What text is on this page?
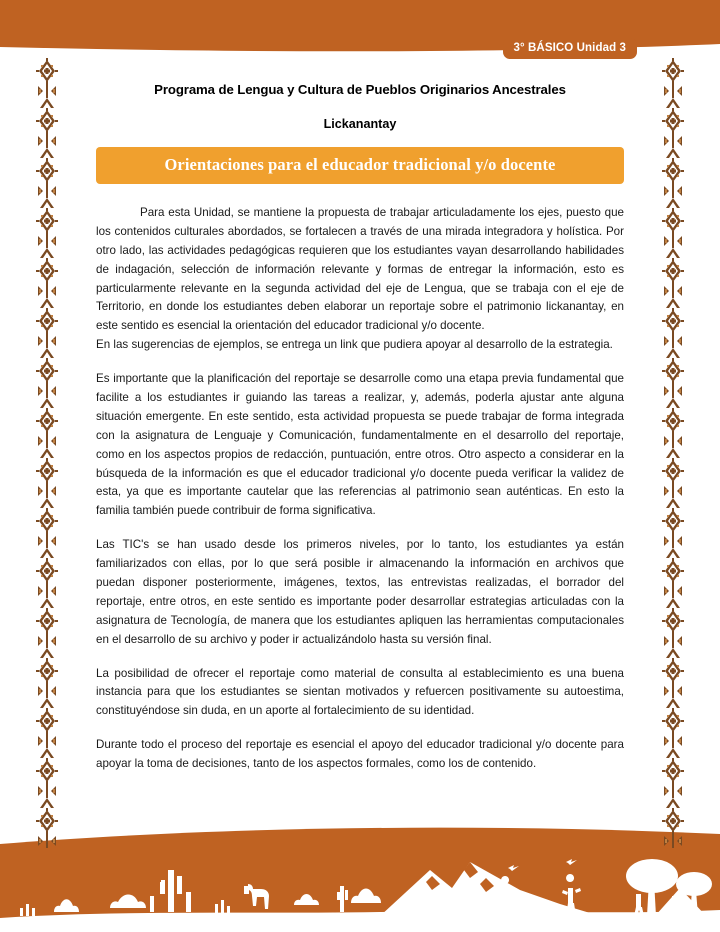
3° BÁSICO Unidad 3
Programa de Lengua y Cultura de Pueblos Originarios Ancestrales
Lickanantay
Orientaciones para el educador tradicional y/o docente

Para esta Unidad, se mantiene la propuesta de trabajar articuladamente los ejes, puesto que los contenidos culturales abordados, se fortalecen a través de una mirada integradora y holística. Por otro lado, las actividades pedagógicas requieren que los estudiantes vayan desarrollando habilidades de indagación, selección de información relevante y formas de entregar la información, esto es particularmente relevante en la segunda actividad del eje de Lengua, que se trabaja con el eje de Territorio, en donde los estudiantes deben elaborar un reportaje sobre el patrimonio lickanantay, en este sentido es esencial la orientación del educador tradicional y/o docente.

En las sugerencias de ejemplos, se entrega un link que pudiera apoyar al desarrollo de la estrategia.

Es importante que la planificación del reportaje se desarrolle como una etapa previa fundamental que facilite a los estudiantes ir guiando las tareas a realizar, y, además, poderla ajustar ante alguna situación emergente. En este sentido, esta actividad propuesta se puede trabajar de forma integrada con la asignatura de Lenguaje y Comunicación, fundamentalmente en el desarrollo del reportaje, como en los aspectos propios de redacción, puntuación, entre otros. Otro aspecto a considerar en la búsqueda de la información es que el educador tradicional y/o docente pueda verificar la validez de esta, ya que es importante cautelar que las referencias al patrimonio sean auténticas. En esto la familia también puede contribuir de forma significativa.

Las TIC's se han usado desde los primeros niveles, por lo tanto, los estudiantes ya están familiarizados con ellas, por lo que será posible ir almacenando la información en archivos que puedan disponer posteriormente, imágenes, textos, las entrevistas realizadas, el borrador del reportaje, entre otros, en este sentido es importante poder desarrollar estrategias articuladas con la asignatura de Tecnología, de manera que los estudiantes apliquen las herramientas computacionales en el desarrollo de su archivo y poder ir actualizándolo hasta su versión final.

La posibilidad de ofrecer el reportaje como material de consulta al establecimiento es una buena instancia para que los estudiantes se sientan motivados y refuercen positivamente su autoestima, constituyéndose sin duda, en un aporte al fortalecimiento de su identidad.

Durante todo el proceso del reportaje es esencial el apoyo del educador tradicional y/o docente para apoyar la toma de decisiones, tanto de los aspectos formales, como los de contenido.
